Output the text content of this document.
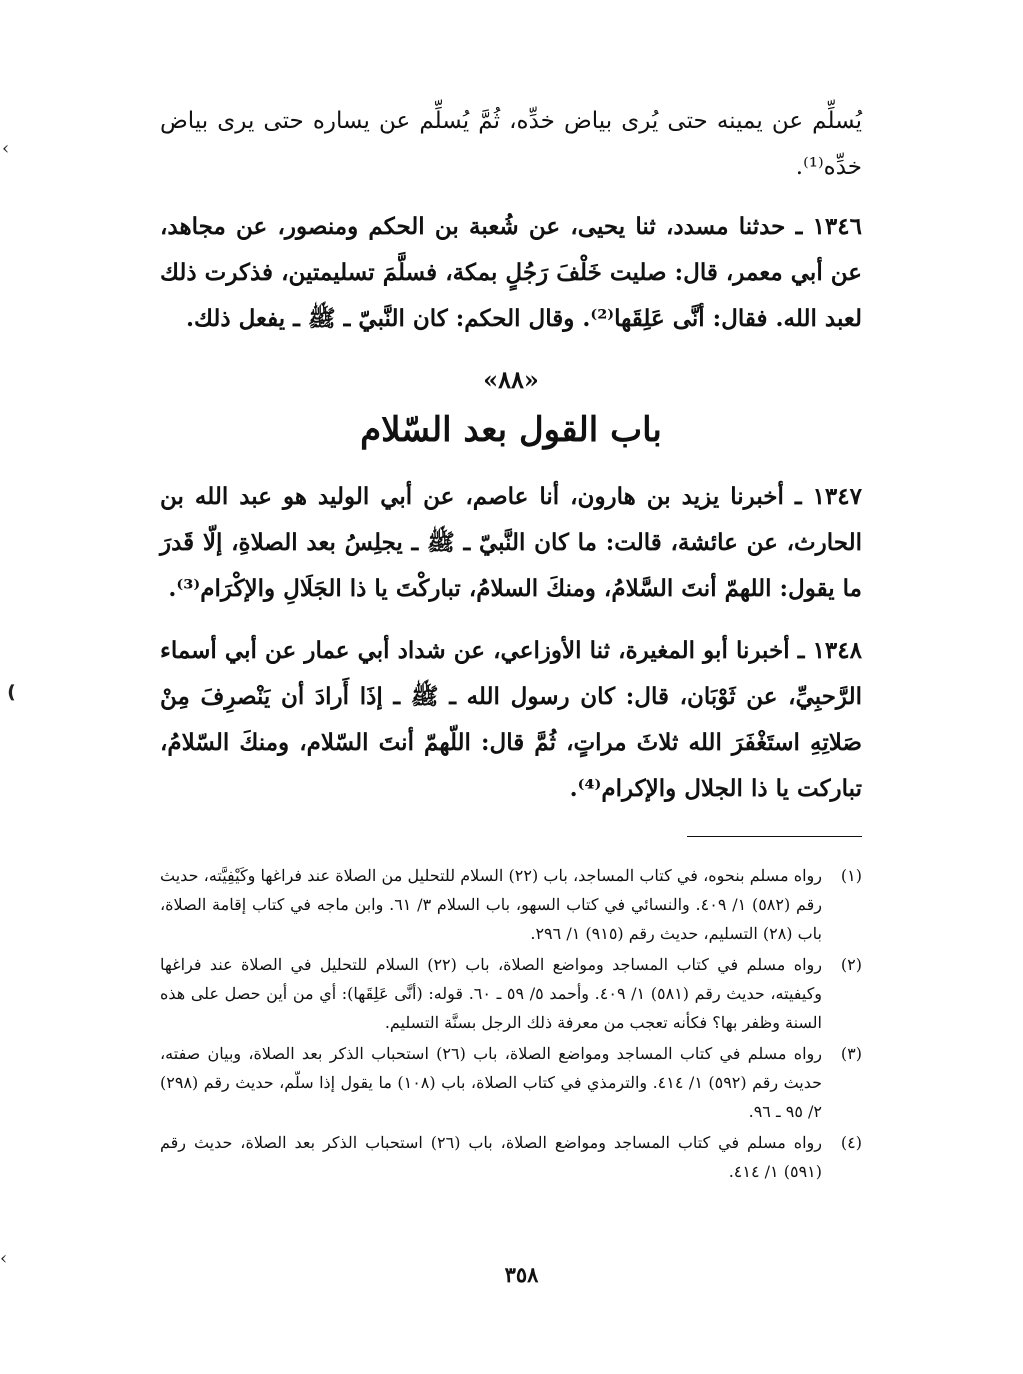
‹
❪
‹

يُسلِّم عن يمينه حتى يُرى بياض خدِّه، ثُمَّ يُسلِّم عن يساره حتى يرى بياض خدِّه⁽¹⁾.

١٣٤٦ ـ حدثنا مسدد، ثنا يحيى، عن شُعبة بن الحكم ومنصور، عن مجاهد، عن أبي معمر، قال: صليت خَلْفَ رَجُلٍ بمكة، فسلَّمَ تسليمتين، فذكرت ذلك لعبد الله. فقال: أنَّى عَلِقَها⁽²⁾. وقال الحكم: كان النَّبيّ ـ ﷺ ـ يفعل ذلك.

«٨٨»
باب القول بعد السّلام

١٣٤٧ ـ أخبرنا يزيد بن هارون، أنا عاصم، عن أبي الوليد هو عبد الله بن الحارث، عن عائشة، قالت: ما كان النَّبيّ ـ ﷺ ـ يجلِسُ بعد الصلاةِ، إلّا قَدرَ ما يقول: اللهمّ أنتَ السَّلامُ، ومنكَ السلامُ، تباركْتَ يا ذا الجَلَالِ والإكْرَام⁽³⁾.

١٣٤٨ ـ أخبرنا أبو المغيرة، ثنا الأوزاعي، عن شداد أبي عمار عن أبي أسماء الرَّحبِيِّ، عن ثَوْبَان، قال: كان رسول الله ـ ﷺ ـ إذَا أَرادَ أن يَنْصرِفَ مِنْ صَلاتِهِ استَغْفَرَ الله ثلاثَ مراتٍ، ثُمَّ قال: اللّهمّ أنتَ السّلام، ومنكَ السّلامُ، تباركت يا ذا الجلال والإكرام⁽⁴⁾.

(١)
رواه مسلم بنحوه، في كتاب المساجد، باب (٢٢) السلام للتحليل من الصلاة عند فراغها وكَيْفِيَّته، حديث رقم (٥٨٢) ١/ ٤٠٩. والنسائي في كتاب السهو، باب السلام ٣/ ٦١. وابن ماجه في كتاب إقامة الصلاة، باب (٢٨) التسليم، حديث رقم (٩١٥) ١/ ٢٩٦.
(٢)
رواه مسلم في كتاب المساجد ومواضع الصلاة، باب (٢٢) السلام للتحليل في الصلاة عند فراغها وكيفيته، حديث رقم (٥٨١) ١/ ٤٠٩. وأحمد ٥/ ٥٩ ـ ٦٠. قوله: (أنَّى عَلِقَها): أي من أين حصل على هذه السنة وظفر بها؟ فكأنه تعجب من معرفة ذلك الرجل بسنَّة التسليم.
(٣)
رواه مسلم في كتاب المساجد ومواضع الصلاة، باب (٢٦) استحباب الذكر بعد الصلاة، وبيان صفته، حديث رقم (٥٩٢) ١/ ٤١٤. والترمذي في كتاب الصلاة، باب (١٠٨) ما يقول إذا سلّم، حديث رقم (٢٩٨) ٢/ ٩٥ ـ ٩٦.
(٤)
رواه مسلم في كتاب المساجد ومواضع الصلاة، باب (٢٦) استحباب الذكر بعد الصلاة، حديث رقم (٥٩١) ١/ ٤١٤.
٣٥٨
